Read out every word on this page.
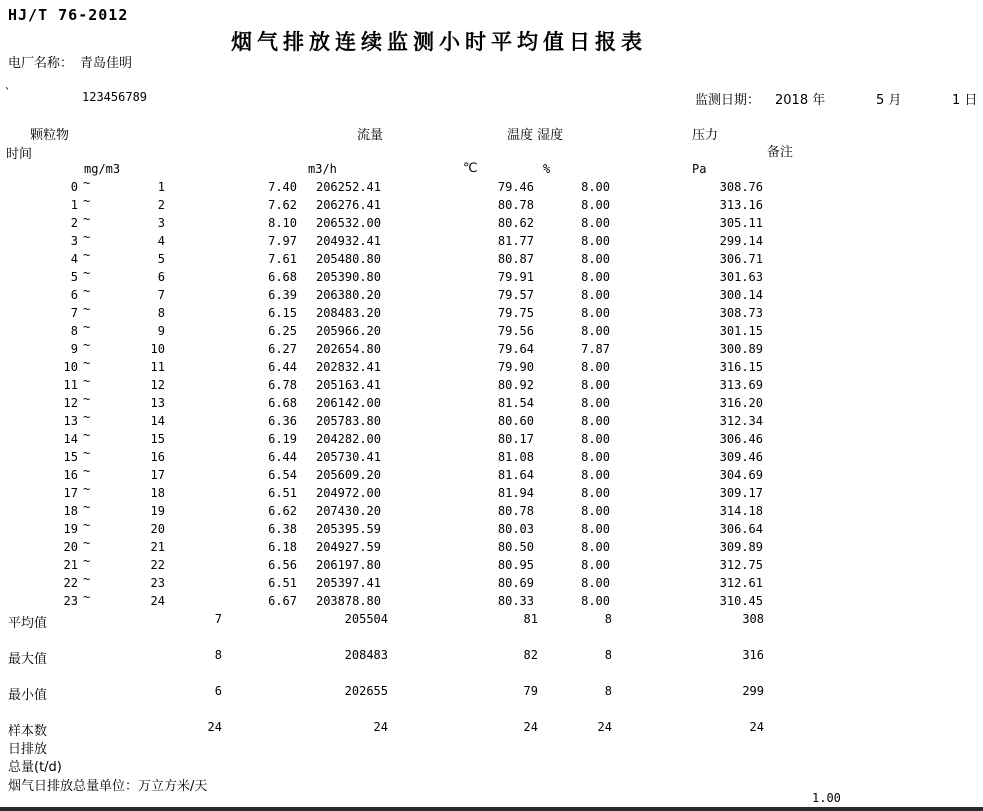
HJ/T 76-2012
烟气排放连续监测小时平均值日报表
电厂名称： 青岛佳明
`	123456789	监测日期： 2018 年	5 月	1 日
颗粒物
时间
流量	温度 湿度	压力
备注
mg/m3	m3/h	℃	%	Pa
0 ~	1	7.40	206252.41	79.46	8.00	308.76
1 ~	2	7.62	206276.41	80.78	8.00	313.16
2 ~	3	8.10	206532.00	80.62	8.00	305.11
3 ~	4	7.97	204932.41	81.77	8.00	299.14
4 ~	5	7.61	205480.80	80.87	8.00	306.71
5 ~	6	6.68	205390.80	79.91	8.00	301.63
6 ~	7	6.39	206380.20	79.57	8.00	300.14
7 ~	8	6.15	208483.20	79.75	8.00	308.73
8 ~	9	6.25	205966.20	79.56	8.00	301.15
9 ~	10	6.27	202654.80	79.64	7.87	300.89
10 ~	11	6.44	202832.41	79.90	8.00	316.15
11 ~	12	6.78	205163.41	80.92	8.00	313.69
12 ~	13	6.68	206142.00	81.54	8.00	316.20
13 ~	14	6.36	205783.80	80.60	8.00	312.34
14 ~	15	6.19	204282.00	80.17	8.00	306.46
15 ~	16	6.44	205730.41	81.08	8.00	309.46
16 ~	17	6.54	205609.20	81.64	8.00	304.69
17 ~	18	6.51	204972.00	81.94	8.00	309.17
18 ~	19	6.62	207430.20	80.78	8.00	314.18
19 ~	20	6.38	205395.59	80.03	8.00	306.64
20 ~	21	6.18	204927.59	80.50	8.00	309.89
21 ~	22	6.56	206197.80	80.95	8.00	312.75
22 ~	23	6.51	205397.41	80.69	8.00	312.61
23 ~	24	6.67	203878.80	80.33	8.00	310.45
平均值	7	205504	81	8	308
最大值	8	208483	82	8	316
最小值	6	202655	79	8	299
样本数	24	24	24	24	24
日排放
总量(t/d)
烟气日排放总量单位：万立方米/天
1.00
